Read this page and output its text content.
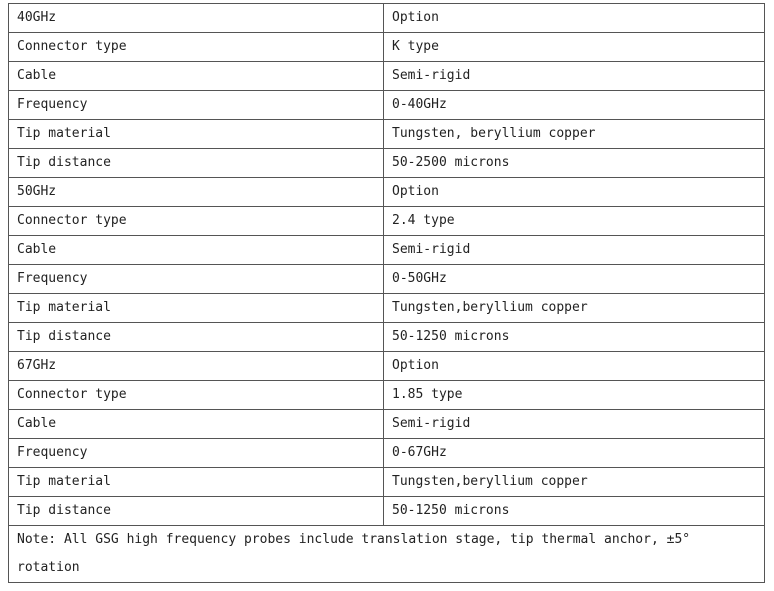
40GHz	Option
Connector type	K type
Cable	Semi-rigid
Frequency	0-40GHz
Tip material	Tungsten, beryllium copper
Tip distance	50-2500 microns
50GHz	Option
Connector type	2.4 type
Cable	Semi-rigid
Frequency	0-50GHz
Tip material	Tungsten,beryllium copper
Tip distance	50-1250 microns
67GHz	Option
Connector type	1.85 type
Cable	Semi-rigid
Frequency	0-67GHz
Tip material	Tungsten,beryllium copper
Tip distance	50-1250 microns
Note: All GSG high frequency probes include translation stage, tip thermal anchor, ±5° rotation	
